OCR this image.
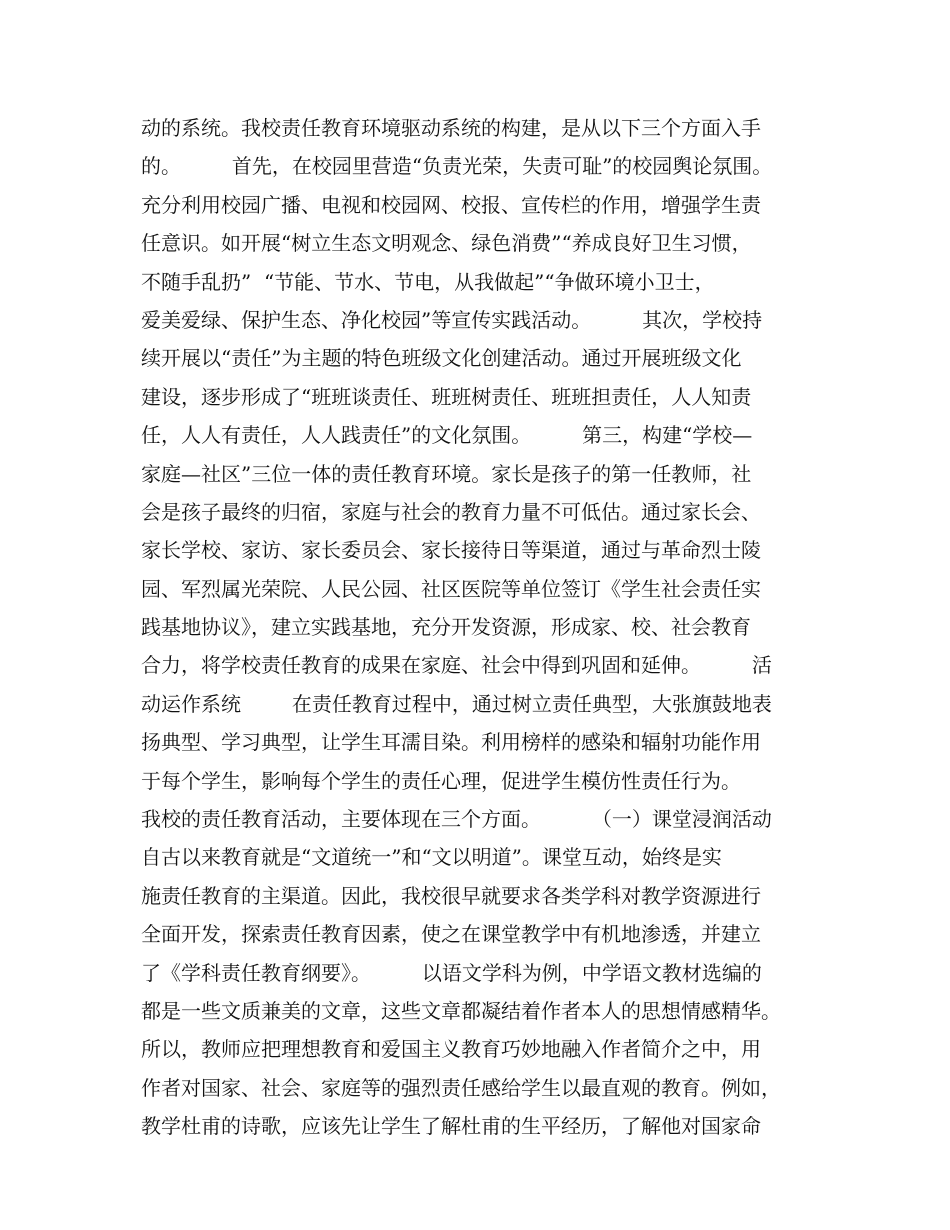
动的系统。我校责任教育环境驱动系统的构建，是从以下三个方面入手
的。        首先，在校园里营造“负责光荣，失责可耻”的校园舆论氛围。
充分利用校园广播、电视和校园网、校报、宣传栏的作用，增强学生责
任意识。如开展“树立生态文明观念、绿色消费”“养成良好卫生习惯，
不随手乱扔”  “节能、节水、节电，从我做起”“争做环境小卫士，
爱美爱绿、保护生态、净化校园”等宣传实践活动。        其次，学校持
续开展以“责任”为主题的特色班级文化创建活动。通过开展班级文化
建设，逐步形成了“班班谈责任、班班树责任、班班担责任，人人知责
任，人人有责任，人人践责任”的文化氛围。        第三，构建“学校—
家庭—社区”三位一体的责任教育环境。家长是孩子的第一任教师，社
会是孩子最终的归宿，家庭与社会的教育力量不可低估。通过家长会、
家长学校、家访、家长委员会、家长接待日等渠道，通过与革命烈士陵
园、军烈属光荣院、人民公园、社区医院等单位签订《学生社会责任实
践基地协议》，建立实践基地，充分开发资源，形成家、校、社会教育
合力，将学校责任教育的成果在家庭、社会中得到巩固和延伸。        活
动运作系统        在责任教育过程中，通过树立责任典型，大张旗鼓地表
扬典型、学习典型，让学生耳濡目染。利用榜样的感染和辐射功能作用
于每个学生，影响每个学生的责任心理，促进学生模仿性责任行为。
我校的责任教育活动，主要体现在三个方面。        （一）课堂浸润活动
自古以来教育就是“文道统一”和“文以明道”。课堂互动，始终是实
施责任教育的主渠道。因此，我校很早就要求各类学科对教学资源进行
全面开发，探索责任教育因素，使之在课堂教学中有机地渗透，并建立
了《学科责任教育纲要》。        以语文学科为例，中学语文教材选编的
都是一些文质兼美的文章，这些文章都凝结着作者本人的思想情感精华。
所以，教师应把理想教育和爱国主义教育巧妙地融入作者简介之中，用
作者对国家、社会、家庭等的强烈责任感给学生以最直观的教育。例如，
教学杜甫的诗歌，应该先让学生了解杜甫的生平经历，了解他对国家命
